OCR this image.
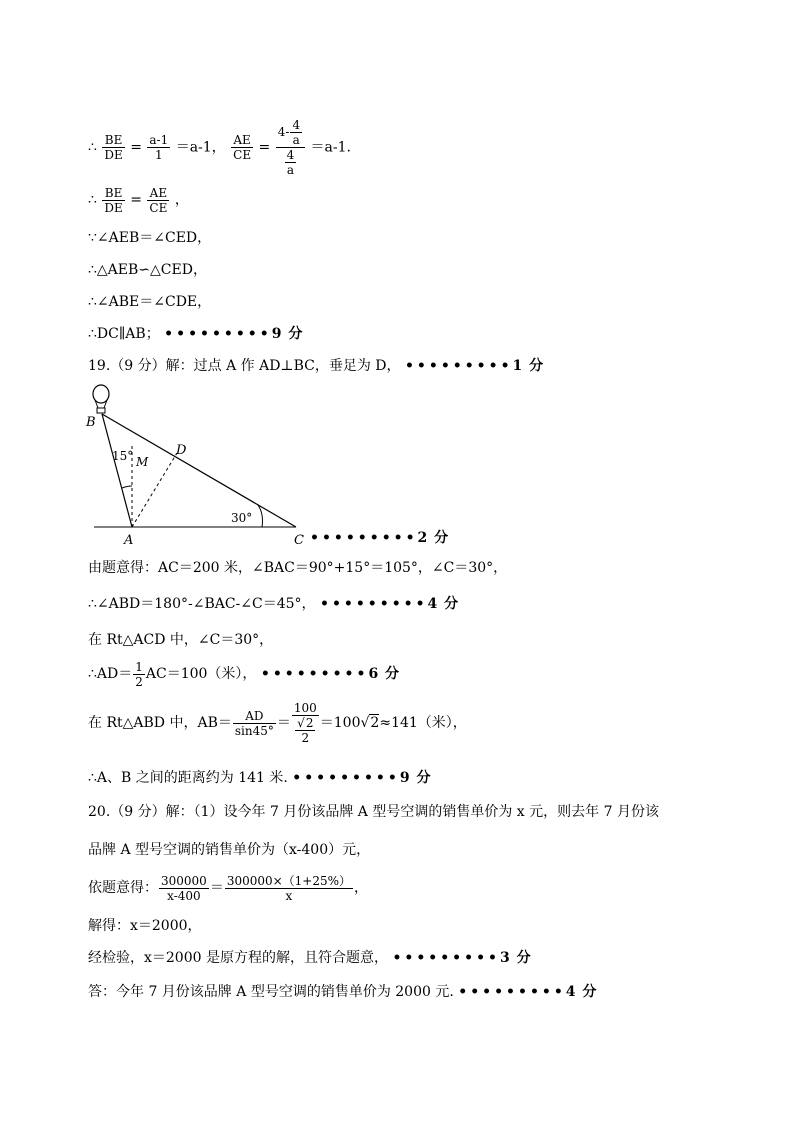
∴ $\frac{BE}{DE} = \frac{a-1}{1} =a-1$， $\frac{AE}{CE} = \frac{4- \frac{4}{a}}{\frac{4}{a}} =a-1$.
∴ $\frac{BE}{DE} = \frac{AE}{CE}$ ，
∵∠AEB＝∠CED，
∴△AEB∽△CED，
∴∠ABE＝∠CDE，
∴DC∥AB； •••••••••9 分
19.（9 分）解：过点 A 作 AD⊥BC，垂足为 D， •••••••••1 分
B
D
M
15°
30°
A	C •••••••••2 分
由题意得：AC＝200 米，∠BAC＝90°+15°＝105°，∠C＝30°，
∴∠ABD＝180°-∠BAC-∠C＝45°， •••••••••4 分
在 Rt△ACD 中，∠C＝30°，
∴AD＝ $\frac{1}{2} AC=100$（米）， •••••••••6 分
在 Rt△ABD 中，$AB= \frac{AD}{\sin 45^\circ} = \frac{100}{\frac{√2}{2}} =100√2\approx 141$（米），
∴A、B 之间的距离约为 141 米. •••••••••9 分
20.（9 分）解：（1）设今年 7 月份该品牌 A 型号空调的销售单价为 x 元，则去年 7 月份该
品牌 A 型号空调的销售单价为（x-400）元，
依题意得： $\frac{300000}{x-400} = \frac{300000\times(1+25\%)}{x}$ ，
解得：x＝2000，
经检验，x＝2000 是原方程的解，且符合题意， •••••••••3 分
答：今年 7 月份该品牌 A 型号空调的销售单价为 2000 元. •••••••••4 分
